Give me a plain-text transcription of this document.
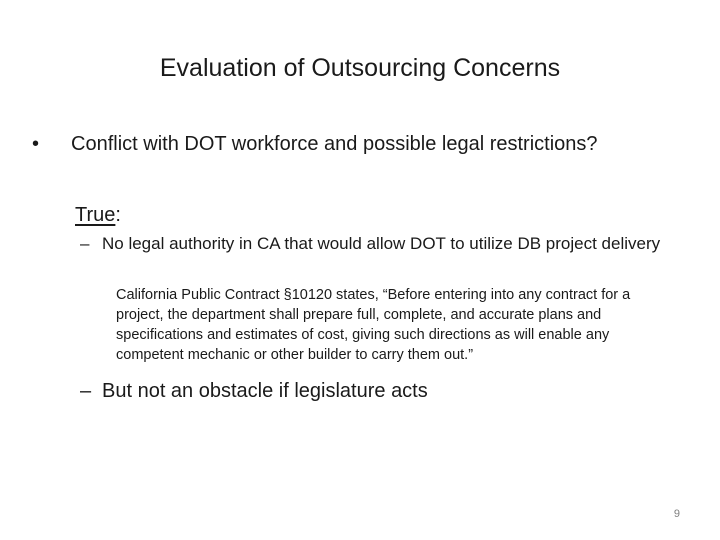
Evaluation of Outsourcing Concerns
•	Conflict with DOT workforce and possible legal restrictions?
True:
– No legal authority in CA that would allow DOT to utilize DB project delivery
California Public Contract §10120 states, “Before entering into any contract for a project, the department shall prepare full, complete, and accurate plans and specifications and estimates of cost, giving such directions as will enable any competent mechanic or other builder to carry them out.”
– But not an obstacle if legislature acts
9
